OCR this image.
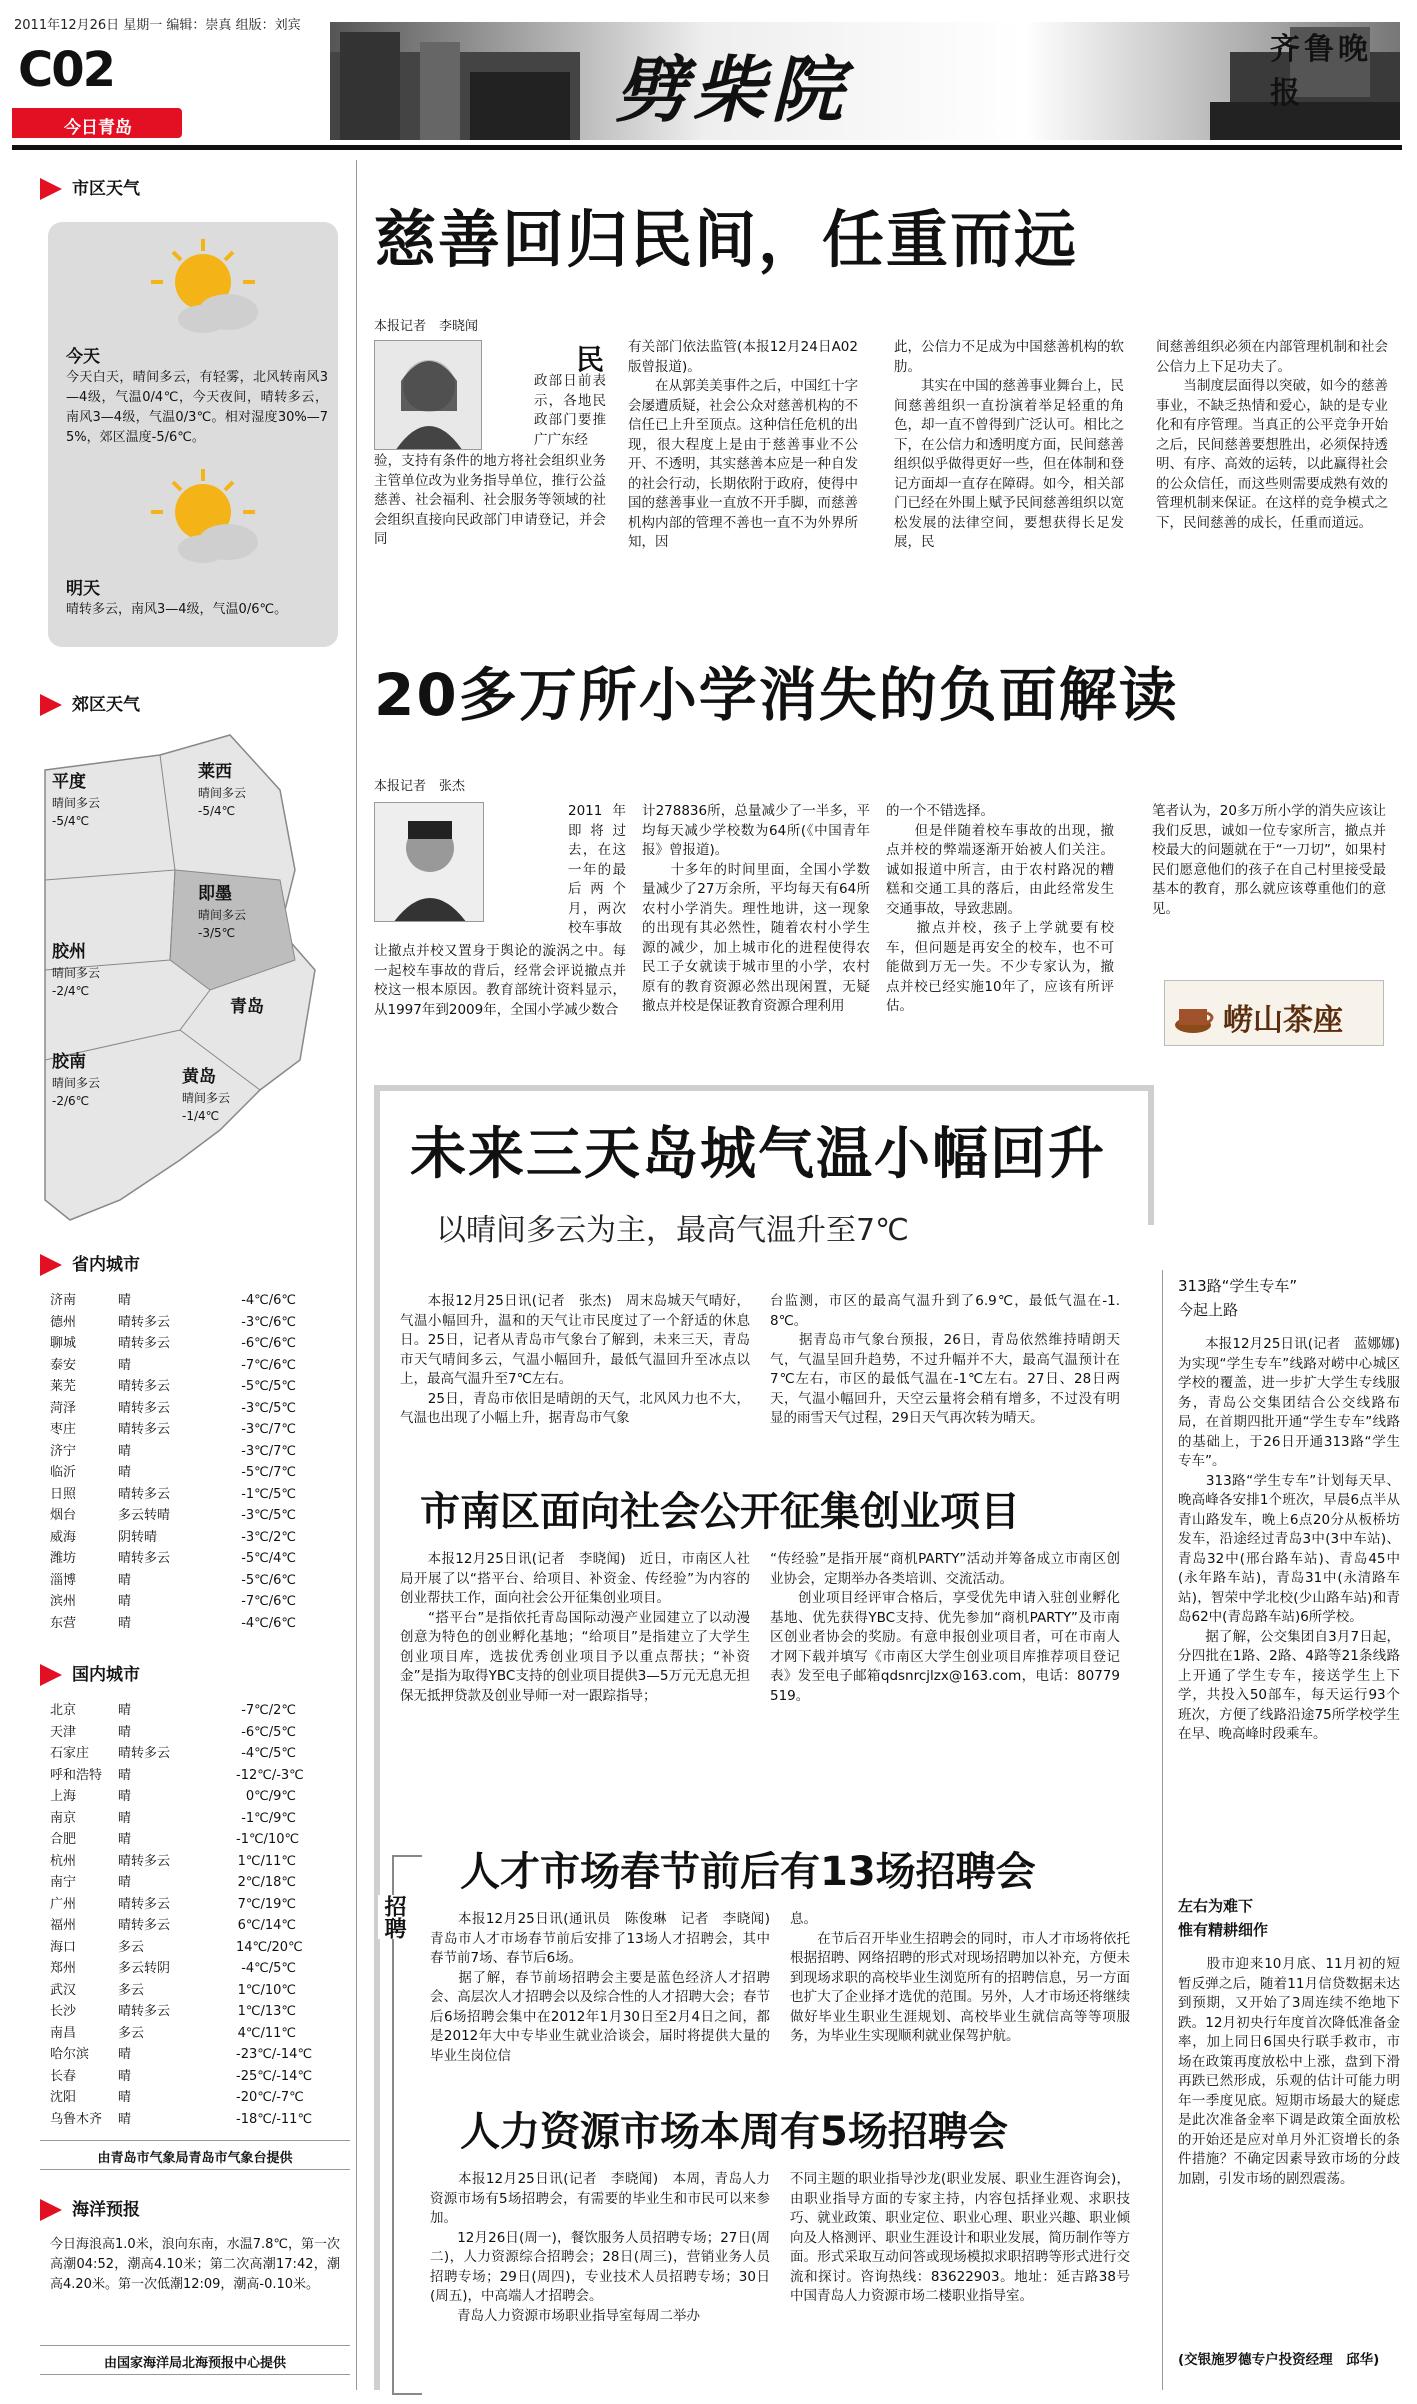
2011年12月26日 星期一 编辑：崇真 组版：刘宾
C02
今日青岛	劈柴院	齐鲁晚报
市区天气
今天
今天白天，晴间多云，有轻雾，北风转南风3—4级，气温0/4℃，今天夜间，晴转多云，南风3—4级，气温0/3℃。相对湿度30%—75%，郊区温度-5/6℃。
明天
晴转多云，南风3—4级，气温0/6℃。
郊区天气
平度
晴间多云
-5/4℃
莱西
晴间多云
-5/4℃
即墨
晴间多云
-3/5℃
胶州
晴间多云
-2/4℃
青岛
胶南
晴间多云
-2/6℃
黄岛
晴间多云
-1/4℃
省内城市
济南	晴	-4℃/6℃
德州	晴转多云	-3℃/6℃
聊城	晴转多云	-6℃/6℃
泰安	晴	-7℃/6℃
莱芜	晴转多云	-5℃/5℃
菏泽	晴转多云	-3℃/5℃
枣庄	晴转多云	-3℃/7℃
济宁	晴	-3℃/7℃
临沂	晴	-5℃/7℃
日照	晴转多云	-1℃/5℃
烟台	多云转晴	-3℃/5℃
威海	阴转晴	-3℃/2℃
潍坊	晴转多云	-5℃/4℃
淄博	晴	-5℃/6℃
滨州	晴	-7℃/6℃
东营	晴	-4℃/6℃
国内城市
北京	晴	-7℃/2℃
天津	晴	-6℃/5℃
石家庄	晴转多云	-4℃/5℃
呼和浩特	晴	-12℃/-3℃
上海	晴	0℃/9℃
南京	晴	-1℃/9℃
合肥	晴	-1℃/10℃
杭州	晴转多云	1℃/11℃
南宁	晴	2℃/18℃
广州	晴转多云	7℃/19℃
福州	晴转多云	6℃/14℃
海口	多云	14℃/20℃
郑州	多云转阴	-4℃/5℃
武汉	多云	1℃/10℃
长沙	晴转多云	1℃/13℃
南昌	多云	4℃/11℃
哈尔滨	晴	-23℃/-14℃
长春	晴	-25℃/-14℃
沈阳	晴	-20℃/-7℃
乌鲁木齐	晴	-18℃/-11℃
由青岛市气象局青岛市气象台提供
海洋预报
今日海浪高1.0米，浪向东南，水温7.8℃，第一次高潮04:52，潮高4.10米；第二次高潮17:42，潮高4.20米。第一次低潮12:09，潮高-0.10米。
由国家海洋局北海预报中心提供
慈善回归民间，任重而远
本报记者　李晓闻
民
政部日前表示，各地民政部门要推广广东经
验，支持有条件的地方将社会组织业务主管单位改为业务指导单位，推行公益慈善、社会福利、社会服务等领域的社会组织直接向民政部门申请登记，并会同
有关部门依法监管(本报12月24日A02版曾报道)。
　　在从郭美美事件之后，中国红十字会屡遭质疑，社会公众对慈善机构的不信任已上升至顶点。这种信任危机的出现，很大程度上是由于慈善事业不公开、不透明，其实慈善本应是一种自发的社会行动，长期依附于政府，使得中国的慈善事业一直放不开手脚，而慈善机构内部的管理不善也一直不为外界所知，因
此，公信力不足成为中国慈善机构的软肋。
　　其实在中国的慈善事业舞台上，民间慈善组织一直扮演着举足轻重的角色，却一直不曾得到广泛认可。相比之下，在公信力和透明度方面，民间慈善组织似乎做得更好一些，但在体制和登记方面却一直存在障碍。如今，相关部门已经在外围上赋予民间慈善组织以宽松发展的法律空间，要想获得长足发展，民
间慈善组织必须在内部管理机制和社会公信力上下足功夫了。
　　当制度层面得以突破，如今的慈善事业，不缺乏热情和爱心，缺的是专业化和有序管理。当真正的公平竞争开始之后，民间慈善要想胜出，必须保持透明、有序、高效的运转，以此赢得社会的公众信任，而这些则需要成熟有效的管理机制来保证。在这样的竞争模式之下，民间慈善的成长，任重而道远。
20多万所小学消失的负面解读
本报记者　张杰
2011年即将过去，在这一年的最后两个月，两次校车事故
让撤点并校又置身于舆论的漩涡之中。每一起校车事故的背后，经常会评说撤点并校这一根本原因。教育部统计资料显示，从1997年到2009年，全国小学减少数合
计278836所，总量减少了一半多，平均每天减少学校数为64所(《中国青年报》曾报道)。
　　十多年的时间里面，全国小学数量减少了27万余所，平均每天有64所农村小学消失。理性地讲，这一现象的出现有其必然性，随着农村小学生源的减少，加上城市化的进程使得农民工子女就读于城市里的小学，农村原有的教育资源必然出现闲置，无疑撤点并校是保证教育资源合理利用
的一个不错选择。
　　但是伴随着校车事故的出现，撤点并校的弊端逐渐开始被人们关注。诚如报道中所言，由于农村路况的糟糕和交通工具的落后，由此经常发生交通事故，导致悲剧。
　　撤点并校，孩子上学就要有校车，但问题是再安全的校车，也不可能做到万无一失。不少专家认为，撤点并校已经实施10年了，应该有所评估。
笔者认为，20多万所小学的消失应该让我们反思，诚如一位专家所言，撤点并校最大的问题就在于“一刀切”，如果村民们愿意他们的孩子在自己村里接受最基本的教育，那么就应该尊重他们的意见。
崂山茶座
未来三天岛城气温小幅回升
以晴间多云为主，最高气温升至7℃
　　本报12月25日讯(记者　张杰)　周末岛城天气晴好，气温小幅回升，温和的天气让市民度过了一个舒适的休息日。25日，记者从青岛市气象台了解到，未来三天，青岛市天气晴间多云，气温小幅回升，最低气温回升至冰点以上，最高气温升至7℃左右。
　　25日，青岛市依旧是晴朗的天气，北风风力也不大，气温也出现了小幅上升，据青岛市气象
台监测，市区的最高气温升到了6.9℃，最低气温在-1.8℃。
　　据青岛市气象台预报，26日，青岛依然维持晴朗天气，气温呈回升趋势，不过升幅并不大，最高气温预计在7℃左右，市区的最低气温在-1℃左右。27日、28日两天，气温小幅回升，天空云量将会稍有增多，不过没有明显的雨雪天气过程，29日天气再次转为晴天。
市南区面向社会公开征集创业项目
　　本报12月25日讯(记者　李晓闻)　近日，市南区人社局开展了以“搭平台、给项目、补资金、传经验”为内容的创业帮扶工作，面向社会公开征集创业项目。
　　“搭平台”是指依托青岛国际动漫产业园建立了以动漫创意为特色的创业孵化基地；“给项目”是指建立了大学生创业项目库，选拔优秀创业项目予以重点帮扶；“补资金”是指为取得YBC支持的创业项目提供3—5万元无息无担保无抵押贷款及创业导师一对一跟踪指导；
“传经验”是指开展“商机PARTY”活动并筹备成立市南区创业协会，定期举办各类培训、交流活动。
　　创业项目经评审合格后，享受优先申请入驻创业孵化基地、优先获得YBC支持、优先参加“商机PARTY”及市南区创业者协会的奖励。有意申报创业项目者，可在市南人才网下载并填写《市南区大学生创业项目库推荐项目登记表》发至电子邮箱qdsnrcjlzx@163.com，电话：80779519。
招聘
人才市场春节前后有13场招聘会
　　本报12月25日讯(通讯员　陈俊琳　记者　李晓闻)　青岛市人才市场春节前后安排了13场人才招聘会，其中春节前7场、春节后6场。
　　据了解，春节前场招聘会主要是蓝色经济人才招聘会、高层次人才招聘会以及综合性的人才招聘大会；春节后6场招聘会集中在2012年1月30日至2月4日之间，都是2012年大中专毕业生就业洽谈会，届时将提供大量的毕业生岗位信
息。
　　在节后召开毕业生招聘会的同时，市人才市场将依托根据招聘、网络招聘的形式对现场招聘加以补充，方便未到现场求职的高校毕业生浏览所有的招聘信息，另一方面也扩大了企业择才选优的范围。另外，人才市场还将继续做好毕业生职业生涯规划、高校毕业生就信高等等项服务，为毕业生实现顺利就业保驾护航。
人力资源市场本周有5场招聘会
　　本报12月25日讯(记者　李晓闻)　本周，青岛人力资源市场有5场招聘会，有需要的毕业生和市民可以来参加。
　　12月26日(周一)，餐饮服务人员招聘专场；27日(周二)，人力资源综合招聘会；28日(周三)，营销业务人员招聘专场；29日(周四)，专业技术人员招聘专场；30日(周五)，中高端人才招聘会。
　　青岛人力资源市场职业指导室每周二举办
不同主题的职业指导沙龙(职业发展、职业生涯咨询会)，由职业指导方面的专家主持，内容包括择业观、求职技巧、就业政策、职业定位、职业心理、职业兴趣、职业倾向及人格测评、职业生涯设计和职业发展，简历制作等方面。形式采取互动问答或现场模拟求职招聘等形式进行交流和探讨。咨询热线：83622903。地址：延吉路38号中国青岛人力资源市场二楼职业指导室。
313路“学生专车”
今起上路
　　本报12月25日讯(记者　蓝娜娜)　为实现“学生专车”线路对崂中心城区学校的覆盖，进一步扩大学生专线服务，青岛公交集团结合公交线路布局，在首期四批开通“学生专车”线路的基础上，于26日开通313路“学生专车”。
　　313路“学生专车”计划每天早、晚高峰各安排1个班次，早晨6点半从青山路发车，晚上6点20分从板桥坊发车，沿途经过青岛3中(3中车站)、青岛32中(邢台路车站)、青岛45中(永年路车站)，青岛31中(永清路车站)，智荣中学北校(少山路车站)和青岛62中(青岛路车站)6所学校。
　　据了解，公交集团自3月7日起，分四批在1路、2路、4路等21条线路上开通了学生专车，接送学生上下学，共投入50部车，每天运行93个班次，方便了线路沿途75所学校学生在早、晚高峰时段乘车。
左右为难下
惟有精耕细作
　　股市迎来10月底、11月初的短暂反弹之后，随着11月信贷数据未达到预期，又开始了3周连续不绝地下跌。12月初央行年度首次降低准备金率，加上同日6国央行联手救市，市场在政策再度放松中上涨，盘到下滑再跌已然形成，乐观的估计可能力明年一季度见底。短期市场最大的疑虑是此次准备金率下调是政策全面放松的开始还是应对单月外汇资增长的条件措施？不确定因素导致市场的分歧加剧，引发市场的剧烈震荡。
(交银施罗德专户投资经理　邱华)
